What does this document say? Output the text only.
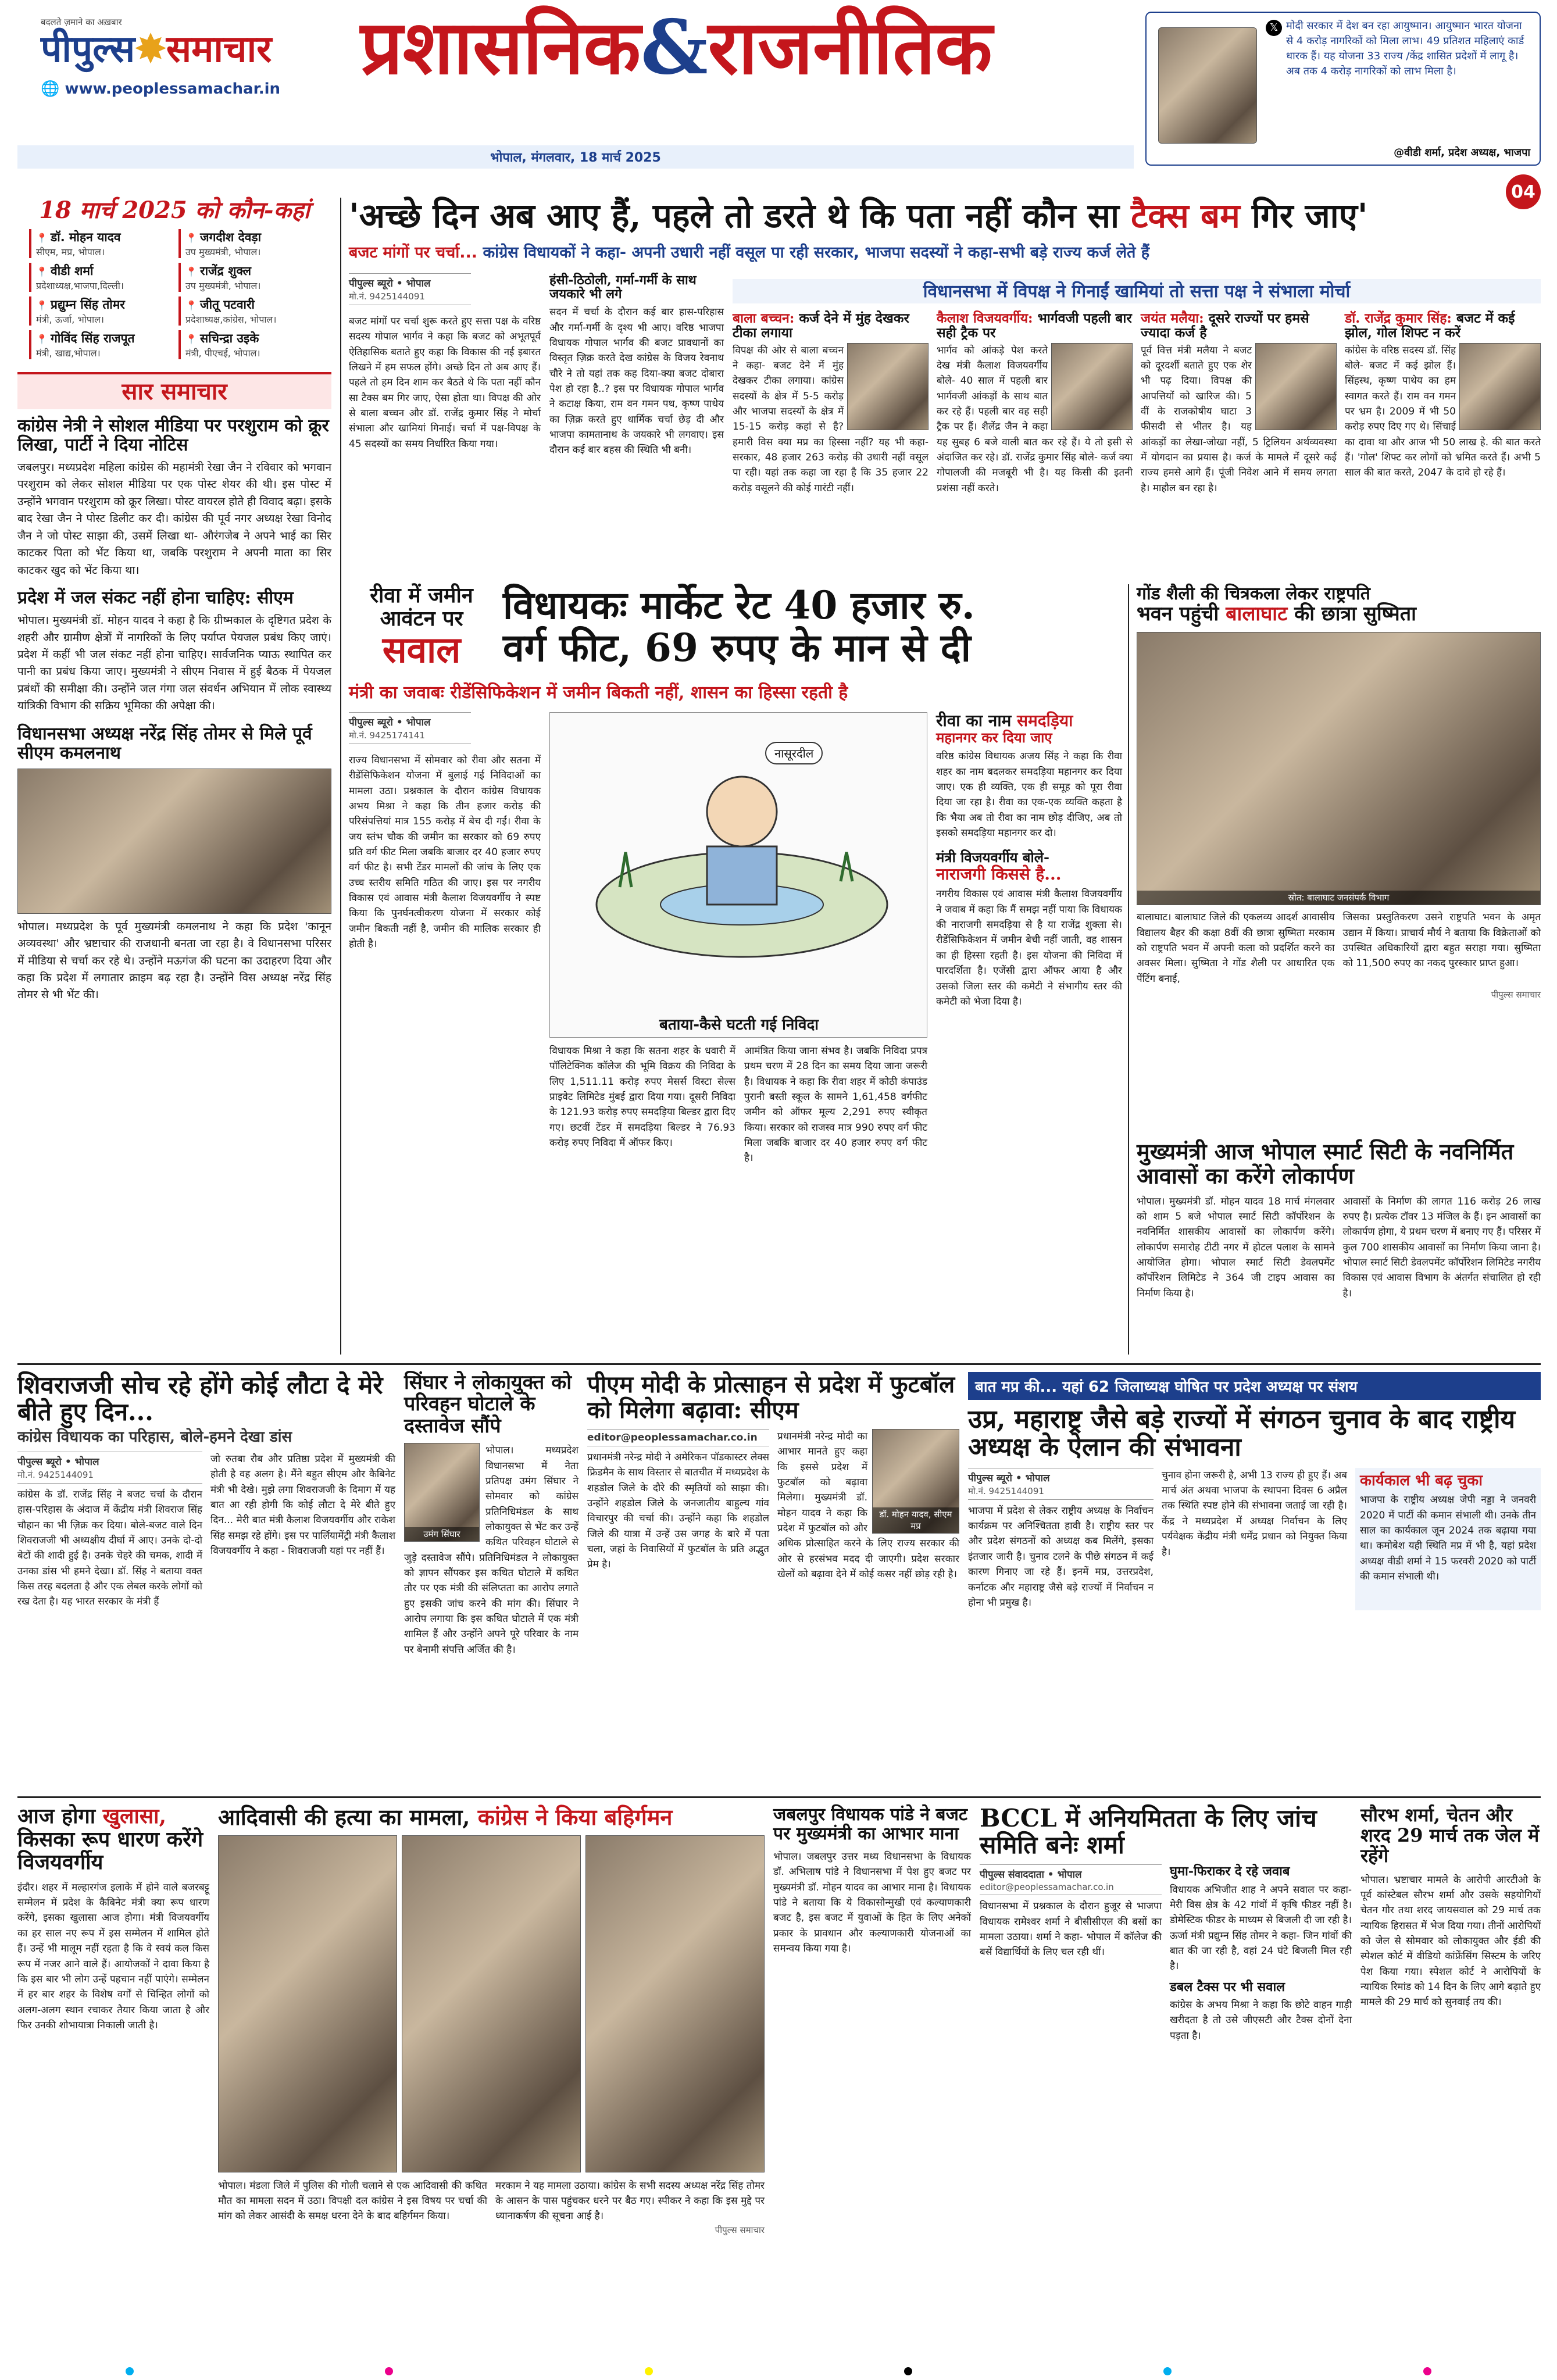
बदलते ज़माने का अख़बार
पीपुल्स✸समाचार
🌐 www.peoplessamachar.in प्रशासनिक&राजनीतिक
भोपाल, मंगलवार, 18 मार्च 2025
𝕏 मोदी सरकार में देश बन रहा आयुष्मान। आयुष्मान भारत योजना से 4 करोड़ नागरिकों को मिला लाभ। 49 प्रतिशत महिलाएं कार्ड धारक हैं। यह योजना 33 राज्य /केंद्र शासित प्रदेशों में लागू है। अब तक 4 करोड़ नागरिकों को लाभ मिला है।
@वीडी शर्मा, प्रदेश अध्यक्ष, भाजपा
04
18 मार्च 2025 को कौन-कहां
📍 डॉ. मोहन यादव
सीएम, मप्र, भोपाल।
📍 जगदीश देवड़ा
उप मुख्यमंत्री, भोपाल।
📍 वीडी शर्मा
प्रदेशाध्यक्ष,भाजपा,दिल्ली।
📍 राजेंद्र शुक्ल
उप मुख्यमंत्री, भोपाल।
📍 प्रद्युम्न सिंह तोमर
मंत्री, ऊर्जा, भोपाल।
📍 जीतू पटवारी
प्रदेशाध्यक्ष,कांग्रेस, भोपाल।
📍 गोविंद सिंह राजपूत
मंत्री, खाद्य,भोपाल।
📍 सचिन्द्रा उइके
मंत्री, पीएचई, भोपाल।
सार समाचार
कांग्रेस नेत्री ने सोशल मीडिया पर परशुराम को क्रूर लिखा, पार्टी ने दिया नोटिस
जबलपुर। मध्यप्रदेश महिला कांग्रेस की महामंत्री रेखा जैन ने रविवार को भगवान परशुराम को लेकर सोशल मीडिया पर एक पोस्ट शेयर की थी। इस पोस्ट में उन्होंने भगवान परशुराम को क्रूर लिखा। पोस्ट वायरल होते ही विवाद बढ़ा। इसके बाद रेखा जैन ने पोस्ट डिलीट कर दी। कांग्रेस की पूर्व नगर अध्यक्ष रेखा विनोद जैन ने जो पोस्ट साझा की, उसमें लिखा था- औरंगजेब ने अपने भाई का सिर काटकर पिता को भेंट किया था, जबकि परशुराम ने अपनी माता का सिर काटकर खुद को भेंट किया था।
प्रदेश में जल संकट नहीं होना चाहिए: सीएम
भोपाल। मुख्यमंत्री डॉ. मोहन यादव ने कहा है कि ग्रीष्मकाल के दृष्टिगत प्रदेश के शहरी और ग्रामीण क्षेत्रों में नागरिकों के लिए पर्याप्त पेयजल प्रबंध किए जाएं। प्रदेश में कहीं भी जल संकट नहीं होना चाहिए। सार्वजनिक प्याऊ स्थापित कर पानी का प्रबंध किया जाए। मुख्यमंत्री ने सीएम निवास में हुई बैठक में पेयजल प्रबंधों की समीक्षा की। उन्होंने जल गंगा जल संवर्धन अभियान में लोक स्वास्थ्य यांत्रिकी विभाग की सक्रिय भूमिका की अपेक्षा की।
विधानसभा अध्यक्ष नरेंद्र सिंह तोमर से मिले पूर्व सीएम कमलनाथ
भोपाल। मध्यप्रदेश के पूर्व मुख्यमंत्री कमलनाथ ने कहा कि प्रदेश 'कानून अव्यवस्था' और भ्रष्टाचार की राजधानी बनता जा रहा है। वे विधानसभा परिसर में मीडिया से चर्चा कर रहे थे। उन्होंने मऊगंज की घटना का उदाहरण दिया और कहा कि प्रदेश में लगातार क्राइम बढ़ रहा है। उन्होंने विस अध्यक्ष नरेंद्र सिंह तोमर से भी भेंट की।
'अच्छे दिन अब आए हैं, पहले तो डरते थे कि पता नहीं कौन सा टैक्स बम गिर जाए'
बजट मांगों पर चर्चा... कांग्रेस विधायकों ने कहा- अपनी उधारी नहीं वसूल पा रही सरकार, भाजपा सदस्यों ने कहा-सभी बड़े राज्य कर्ज लेते हैं
पीपुल्स ब्यूरो • भोपाल
मो.नं. 9425144091
बजट मांगों पर चर्चा शुरू करते हुए सत्ता पक्ष के वरिष्ठ सदस्य गोपाल भार्गव ने कहा कि बजट को अभूतपूर्व ऐतिहासिक बताते हुए कहा कि विकास की नई इबारत लिखने में हम सफल होंगे। अच्छे दिन तो अब आए हैं। पहले तो हम दिन शाम कर बैठते थे कि पता नहीं कौन सा टैक्स बम गिर जाए, ऐसा होता था। विपक्ष की ओर से बाला बच्चन और डॉ. राजेंद्र कुमार सिंह ने मोर्चा संभाला और खामियां गिनाई। चर्चा में पक्ष-विपक्ष के 45 सदस्यों का समय निर्धारित किया गया।
हंसी-ठिठोली, गर्मा-गर्मी के साथ जयकारे भी लगे
सदन में चर्चा के दौरान कई बार हास-परिहास और गर्मा-गर्मी के दृश्य भी आए। वरिष्ठ भाजपा विधायक गोपाल भार्गव की बजट प्रावधानों का विस्तृत ज़िक्र करते देख कांग्रेस के विजय रेवनाथ चौरे ने तो यहां तक कह दिया-क्या बजट दोबारा पेश हो रहा है..? इस पर विधायक गोपाल भार्गव ने कटाक्ष किया, राम वन गमन पथ, कृष्ण पाथेय का ज़िक्र करते हुए धार्मिक चर्चा छेड़ दी और भाजपा कामतानाथ के जयकारे भी लगवाए। इस दौरान कई बार बहस की स्थिति भी बनी।
विधानसभा में विपक्ष ने गिनाईं खामियां तो सत्ता पक्ष ने संभाला मोर्चा
बाला बच्चन: कर्ज देने में मुंह देखकर टीका लगाया
विपक्ष की ओर से बाला बच्चन ने कहा- बजट देने में मुंह देखकर टीका लगाया। कांग्रेस सदस्यों के क्षेत्र में 5-5 करोड़ और भाजपा सदस्यों के क्षेत्र में 15-15 करोड़ कहां से है? हमारी विस क्या मप्र का हिस्सा नहीं? यह भी कहा- सरकार, 48 हजार 263 करोड़ की उधारी नहीं वसूल पा रही। यहां तक कहा जा रहा है कि 35 हजार 22 करोड़ वसूलने की कोई गारंटी नहीं।
कैलाश विजयवर्गीय: भार्गवजी पहली बार सही ट्रैक पर
भार्गव को आंकड़े पेश करते देख मंत्री कैलाश विजयवर्गीय बोले- 40 साल में पहली बार भार्गवजी आंकड़ों के साथ बात कर रहे हैं। पहली बार वह सही ट्रैक पर हैं। शैलेंद्र जैन ने कहा यह सुबह 6 बजे वाली बात कर रहे हैं। ये तो इसी से अंदाजित कर रहे। डॉ. राजेंद्र कुमार सिंह बोले- कर्ज क्या गोपालजी की मजबूरी भी है। यह किसी की इतनी प्रशंसा नहीं करते।
जयंत मलैया: दूसरे राज्यों पर हमसे ज्यादा कर्ज है
पूर्व वित्त मंत्री मलैया ने बजट को दूरदर्शी बताते हुए एक शेर भी पढ़ दिया। विपक्ष की आपत्तियों को खारिज की। 5 वीं के राजकोषीय घाटा 3 फीसदी से भीतर है। यह आंकड़ों का लेखा-जोखा नहीं, 5 ट्रिलियन अर्थव्यवस्था में योगदान का प्रयास है। कर्ज के मामले में दूसरे कई राज्य हमसे आगे हैं। पूंजी निवेश आने में समय लगता है। माहौल बन रहा है।
डॉ. राजेंद्र कुमार सिंह: बजट में कई झोल, गोल शिफ्ट न करें
कांग्रेस के वरिष्ठ सदस्य डॉ. सिंह बोले- बजट में कई झोल हैं। सिंहस्थ, कृष्ण पाथेय का हम स्वागत करते हैं। राम वन गमन पर भ्रम है। 2009 में भी 50 करोड़ रुपए दिए गए थे। सिंचाई का दावा था और आज भी 50 लाख हे. की बात करते हैं। 'गोल' शिफ्ट कर लोगों को भ्रमित करते हैं। अभी 5 साल की बात करते, 2047 के दावे हो रहे हैं।
रीवा में जमीन
आवंटन पर
सवाल
विधायकः मार्केट रेट 40 हजार रु.
वर्ग फीट, 69 रुपए के मान से दी
मंत्री का जवाबः रीडेंसिफिकेशन में जमीन बिकती नहीं, शासन का हिस्सा रहती है
पीपुल्स ब्यूरो • भोपाल
मो.नं. 9425174141
राज्य विधानसभा में सोमवार को रीवा और सतना में रीडेंसिफिकेशन योजना में बुलाई गई निविदाओं का मामला उठा। प्रश्नकाल के दौरान कांग्रेस विधायक अभय मिश्रा ने कहा कि तीन हजार करोड़ की परिसंपत्तियां मात्र 155 करोड़ में बेच दी गईं। रीवा के जय स्तंभ चौक की जमीन का सरकार को 69 रुपए प्रति वर्ग फीट मिला जबकि बाजार दर 40 हजार रुपए वर्ग फीट है। सभी टेंडर मामलों की जांच के लिए एक उच्च स्तरीय समिति गठित की जाए। इस पर नगरीय विकास एवं आवास मंत्री कैलाश विजयवर्गीय ने स्पष्ट किया कि पुनर्घनत्वीकरण योजना में सरकार कोई जमीन बिकती नहीं है, जमीन की मालिक सरकार ही होती है।
नासूरदील
बताया-कैसे घटती गई निविदा
विधायक मिश्रा ने कहा कि सतना शहर के धवारी में पॉलिटेक्निक कॉलेज की भूमि विक्रय की निविदा के लिए 1,511.11 करोड़ रुपए मेसर्स विस्टा सेल्स प्राइवेट लिमिटेड मुंबई द्वारा दिया गया। दूसरी निविदा के 121.93 करोड़ रुपए समदड़िया बिल्डर द्वारा दिए गए। छटवीं टेंडर में समदड़िया बिल्डर ने 76.93 करोड़ रुपए निविदा में ऑफर किए।
आमंत्रित किया जाना संभव है। जबकि निविदा प्रपत्र प्रथम चरण में 28 दिन का समय दिया जाना जरूरी है। विधायक ने कहा कि रीवा शहर में कोठी कंपाउंड पुरानी बस्ती स्कूल के सामने 1,61,458 वर्गफीट जमीन को ऑफर मूल्य 2,291 रुपए स्वीकृत किया। सरकार को राजस्व मात्र 990 रुपए वर्ग फीट मिला जबकि बाजार दर 40 हजार रुपए वर्ग फीट है।
रीवा का नाम समदड़िया
महानगर कर दिया जाए
वरिष्ठ कांग्रेस विधायक अजय सिंह ने कहा कि रीवा शहर का नाम बदलकर समदड़िया महानगर कर दिया जाए। एक ही व्यक्ति, एक ही समूह को पूरा रीवा दिया जा रहा है। रीवा का एक-एक व्यक्ति कहता है कि भैया अब तो रीवा का नाम छोड़ दीजिए, अब तो इसको समदड़िया महानगर कर दो।
मंत्री विजयवर्गीय बोले-
नाराजगी किससे है...
नगरीय विकास एवं आवास मंत्री कैलाश विजयवर्गीय ने जवाब में कहा कि मैं समझ नहीं पाया कि विधायक की नाराजगी समदड़िया से है या राजेंद्र शुक्ला से। रीडेंसिफिकेशन में जमीन बेची नहीं जाती, वह शासन का ही हिस्सा रहती है। इस योजना की निविदा में पारदर्शिता है। एजेंसी द्वारा ऑफर आया है और उसको जिला स्तर की कमेटी ने संभागीय स्तर की कमेटी को भेजा दिया है।
गोंड शैली की चित्रकला लेकर राष्ट्रपति
भवन पहुंची बालाघाट की छात्रा सुष्मिता
स्रोत: बालाघाट जनसंपर्क विभाग
बालाघाट। बालाघाट जिले की एकलव्य आदर्श आवासीय विद्यालय बैहर की कक्षा 8वीं की छात्रा सुष्मिता मरकाम को राष्ट्रपति भवन में अपनी कला को प्रदर्शित करने का अवसर मिला। सुष्मिता ने गोंड शैली पर आधारित एक पेंटिंग बनाई,
जिसका प्रस्तुतिकरण उसने राष्ट्रपति भवन के अमृत उद्यान में किया। प्राचार्य मौर्य ने बताया कि विक्रेताओं को उपस्थित अधिकारियों द्वारा बहुत सराहा गया। सुष्मिता को 11,500 रुपए का नकद पुरस्कार प्राप्त हुआ।
पीपुल्स समाचार
मुख्यमंत्री आज भोपाल स्मार्ट सिटी के नवनिर्मित आवासों का करेंगे लोकार्पण
भोपाल। मुख्यमंत्री डॉ. मोहन यादव 18 मार्च मंगलवार को शाम 5 बजे भोपाल स्मार्ट सिटी कॉर्पोरेशन के नवनिर्मित शासकीय आवासों का लोकार्पण करेंगे। लोकार्पण समारोह टीटी नगर में होटल पलाश के सामने आयोजित होगा। भोपाल स्मार्ट सिटी डेवलपमेंट कॉर्पोरेशन लिमिटेड ने 364 जी टाइप आवास का निर्माण किया है।
आवासों के निर्माण की लागत 116 करोड़ 26 लाख रुपए है। प्रत्येक टॉवर 13 मंजिल के हैं। इन आवासों का लोकार्पण होगा, ये प्रथम चरण में बनाए गए हैं। परिसर में कुल 700 शासकीय आवासों का निर्माण किया जाना है। भोपाल स्मार्ट सिटी डेवलपमेंट कॉर्पोरेशन लिमिटेड नगरीय विकास एवं आवास विभाग के अंतर्गत संचालित हो रही है।
शिवराजजी सोच रहे होंगे कोई लौटा दे मेरे बीते हुए दिन...
कांग्रेस विधायक का परिहास, बोले-हमने देखा डांस
पीपुल्स ब्यूरो • भोपाल
मो.नं. 9425144091
कांग्रेस के डॉ. राजेंद्र सिंह ने बजट चर्चा के दौरान हास-परिहास के अंदाज में केंद्रीय मंत्री शिवराज सिंह चौहान का भी ज़िक्र कर दिया। बोले-बजट वाले दिन शिवराजजी भी अध्यक्षीय दीर्घा में आए। उनके दो-दो बेटों की शादी हुई है। उनके चेहरे की चमक, शादी में उनका डांस भी हमने देखा। डॉ. सिंह ने बताया वक्त किस तरह बदलता है और एक लेबल करके लोगों को रख देता है। यह भारत सरकार के मंत्री हैं
जो रुतबा रौब और प्रतिष्ठा प्रदेश में मुख्यमंत्री की होती है वह अलग है। मैंने बहुत सीएम और कैबिनेट मंत्री भी देखे। मुझे लगा शिवराजजी के दिमाग में यह बात आ रही होगी कि कोई लौटा दे मेरे बीते हुए दिन... मेरी बात मंत्री कैलाश विजयवर्गीय और राकेश सिंह समझ रहे होंगे। इस पर पार्लियामेंट्री मंत्री कैलाश विजयवर्गीय ने कहा - शिवराजजी यहां पर नहीं हैं।
सिंघार ने लोकायुक्त को परिवहन घोटाले के दस्तावेज सौंपे
उमंग सिंघार
भोपाल। मध्यप्रदेश विधानसभा में नेता प्रतिपक्ष उमंग सिंघार ने सोमवार को कांग्रेस प्रतिनिधिमंडल के साथ लोकायुक्त से भेंट कर उन्हें कथित परिवहन घोटाले से जुड़े दस्तावेज सौंपे। प्रतिनिधिमंडल ने लोकायुक्त को ज्ञापन सौंपकर इस कथित घोटाले में कथित तौर पर एक मंत्री की संलिप्तता का आरोप लगाते हुए इसकी जांच करने की मांग की। सिंघार ने आरोप लगाया कि इस कथित घोटाले में एक मंत्री शामिल हैं और उन्होंने अपने पूरे परिवार के नाम पर बेनामी संपत्ति अर्जित की है।
पीएम मोदी के प्रोत्साहन से प्रदेश में फुटबॉल को मिलेगा बढ़ावा: सीएम
editor@peoplessamachar.co.in
प्रधानमंत्री नरेन्द्र मोदी ने अमेरिकन पॉडकास्टर लेक्स फ्रिडमैन के साथ विस्तार से बातचीत में मध्यप्रदेश के शहडोल जिले के दौरे की स्मृतियों को साझा की। उन्होंने शहडोल जिले के जनजातीय बाहुल्य गांव विचारपुर की चर्चा की। उन्होंने कहा कि शहडोल जिले की यात्रा में उन्हें उस जगह के बारे में पता चला, जहां के निवासियों में फुटबॉल के प्रति अद्भुत प्रेम है।
डॉ. मोहन यादव, सीएम मप्र
प्रधानमंत्री नरेन्द्र मोदी का आभार मानते हुए कहा कि इससे प्रदेश में फुटबॉल को बढ़ावा मिलेगा। मुख्यमंत्री डॉ. मोहन यादव ने कहा कि प्रदेश में फुटबॉल को और अधिक प्रोत्साहित करने के लिए राज्य सरकार की ओर से हरसंभव मदद दी जाएगी। प्रदेश सरकार खेलों को बढ़ावा देने में कोई कसर नहीं छोड़ रही है।
बात मप्र की... यहां 62 जिलाध्यक्ष घोषित पर प्रदेश अध्यक्ष पर संशय
उप्र, महाराष्ट्र जैसे बड़े राज्यों में संगठन चुनाव के बाद राष्ट्रीय अध्यक्ष के ऐलान की संभावना
पीपुल्स ब्यूरो • भोपाल
मो.नं. 9425144091
भाजपा में प्रदेश से लेकर राष्ट्रीय अध्यक्ष के निर्वाचन कार्यक्रम पर अनिश्चितता हावी है। राष्ट्रीय स्तर पर और प्रदेश संगठनों को अध्यक्ष कब मिलेंगे, इसका इंतजार जारी है। चुनाव टलने के पीछे संगठन में कई कारण गिनाए जा रहे हैं। इनमें मप्र, उत्तरप्रदेश, कर्नाटक और महाराष्ट्र जैसे बड़े राज्यों में निर्वाचन न होना भी प्रमुख है।
चुनाव होना जरूरी है, अभी 13 राज्य ही हुए हैं। अब मार्च अंत अथवा भाजपा के स्थापना दिवस 6 अप्रैल तक स्थिति स्पष्ट होने की संभावना जताई जा रही है। केंद्र ने मध्यप्रदेश में अध्यक्ष निर्वाचन के लिए पर्यवेक्षक केंद्रीय मंत्री धर्मेंद्र प्रधान को नियुक्त किया है।
कार्यकाल भी बढ़ चुका
भाजपा के राष्ट्रीय अध्यक्ष जेपी नड्डा ने जनवरी 2020 में पार्टी की कमान संभाली थी। उनके तीन साल का कार्यकाल जून 2024 तक बढ़ाया गया था। कमोबेश यही स्थिति मप्र में भी है, यहां प्रदेश अध्यक्ष वीडी शर्मा ने 15 फरवरी 2020 को पार्टी की कमान संभाली थी।
आज होगा खुलासा, किसका रूप धारण करेंगे विजयवर्गीय
इंदौर। शहर में मल्हारगंज इलाके में होने वाले बजरबट्टू सम्मेलन में प्रदेश के कैबिनेट मंत्री क्या रूप धारण करेंगे, इसका खुलासा आज होगा। मंत्री विजयवर्गीय का हर साल नए रूप में इस सम्मेलन में शामिल होते हैं। उन्हें भी मालूम नहीं रहता है कि वे स्वयं कल किस रूप में नजर आने वाले हैं। आयोजकों ने दावा किया है कि इस बार भी लोग उन्हें पहचान नहीं पाएंगे। सम्मेलन में हर बार शहर के विशेष वर्गों से चिन्हित लोगों को अलग-अलग स्थान रचाकर तैयार किया जाता है और फिर उनकी शोभायात्रा निकाली जाती है।
आदिवासी की हत्या का मामला, कांग्रेस ने किया बहिर्गमन
भोपाल। मंडला जिले में पुलिस की गोली चलाने से एक आदिवासी की कथित मौत का मामला सदन में उठा। विपक्षी दल कांग्रेस ने इस विषय पर चर्चा की मांग को लेकर आसंदी के समक्ष धरना देने के बाद बहिर्गमन किया।
मरकाम ने यह मामला उठाया। कांग्रेस के सभी सदस्य अध्यक्ष नरेंद्र सिंह तोमर के आसन के पास पहुंचकर धरने पर बैठ गए। स्पीकर ने कहा कि इस मुद्दे पर ध्यानाकर्षण की सूचना आई है।
पीपुल्स समाचार
जबलपुर विधायक पांडे ने बजट पर मुख्यमंत्री का आभार माना
भोपाल। जबलपुर उत्तर मध्य विधानसभा के विधायक डॉ. अभिलाष पांडे ने विधानसभा में पेश हुए बजट पर मुख्यमंत्री डॉ. मोहन यादव का आभार माना है। विधायक पांडे ने बताया कि ये विकासोन्मुखी एवं कल्याणकारी बजट है, इस बजट में युवाओं के हित के लिए अनेकों प्रकार के प्रावधान और कल्याणकारी योजनाओं का समन्वय किया गया है।
BCCL में अनियमितता के लिए जांच समिति बनेः शर्मा
पीपुल्स संवाददाता • भोपाल
editor@peoplessamachar.co.in
विधानसभा में प्रश्नकाल के दौरान हुजूर से भाजपा विधायक रामेश्वर शर्मा ने बीसीसीएल की बसों का मामला उठाया। शर्मा ने कहा- भोपाल में कॉलेज की बसें विद्यार्थियों के लिए चल रही थीं।
घुमा-फिराकर दे रहे जवाब
विधायक अभिजीत शाह ने अपने सवाल पर कहा- मेरी विस क्षेत्र के 42 गांवों में कृषि फीडर नहीं है। डोमेस्टिक फीडर के माध्यम से बिजली दी जा रही है। ऊर्जा मंत्री प्रद्युम्न सिंह तोमर ने कहा- जिन गांवों की बात की जा रही है, वहां 24 घंटे बिजली मिल रही है।
डबल टैक्स पर भी सवाल
कांग्रेस के अभय मिश्रा ने कहा कि छोटे वाहन गाड़ी खरीदता है तो उसे जीएसटी और टैक्स दोनों देना पड़ता है।
सौरभ शर्मा, चेतन और शरद 29 मार्च तक जेल में रहेंगे
भोपाल। भ्रष्टाचार मामले के आरोपी आरटीओ के पूर्व कांस्टेबल सौरभ शर्मा और उसके सहयोगियों चेतन गौर तथा शरद जायसवाल को 29 मार्च तक न्यायिक हिरासत में भेज दिया गया। तीनों आरोपियों को जेल से सोमवार को लोकायुक्त और ईडी की स्पेशल कोर्ट में वीडियो कांफ्रेंसिंग सिस्टम के जरिए पेश किया गया। स्पेशल कोर्ट ने आरोपियों के न्यायिक रिमांड को 14 दिन के लिए आगे बढ़ाते हुए मामले की 29 मार्च को सुनवाई तय की।
